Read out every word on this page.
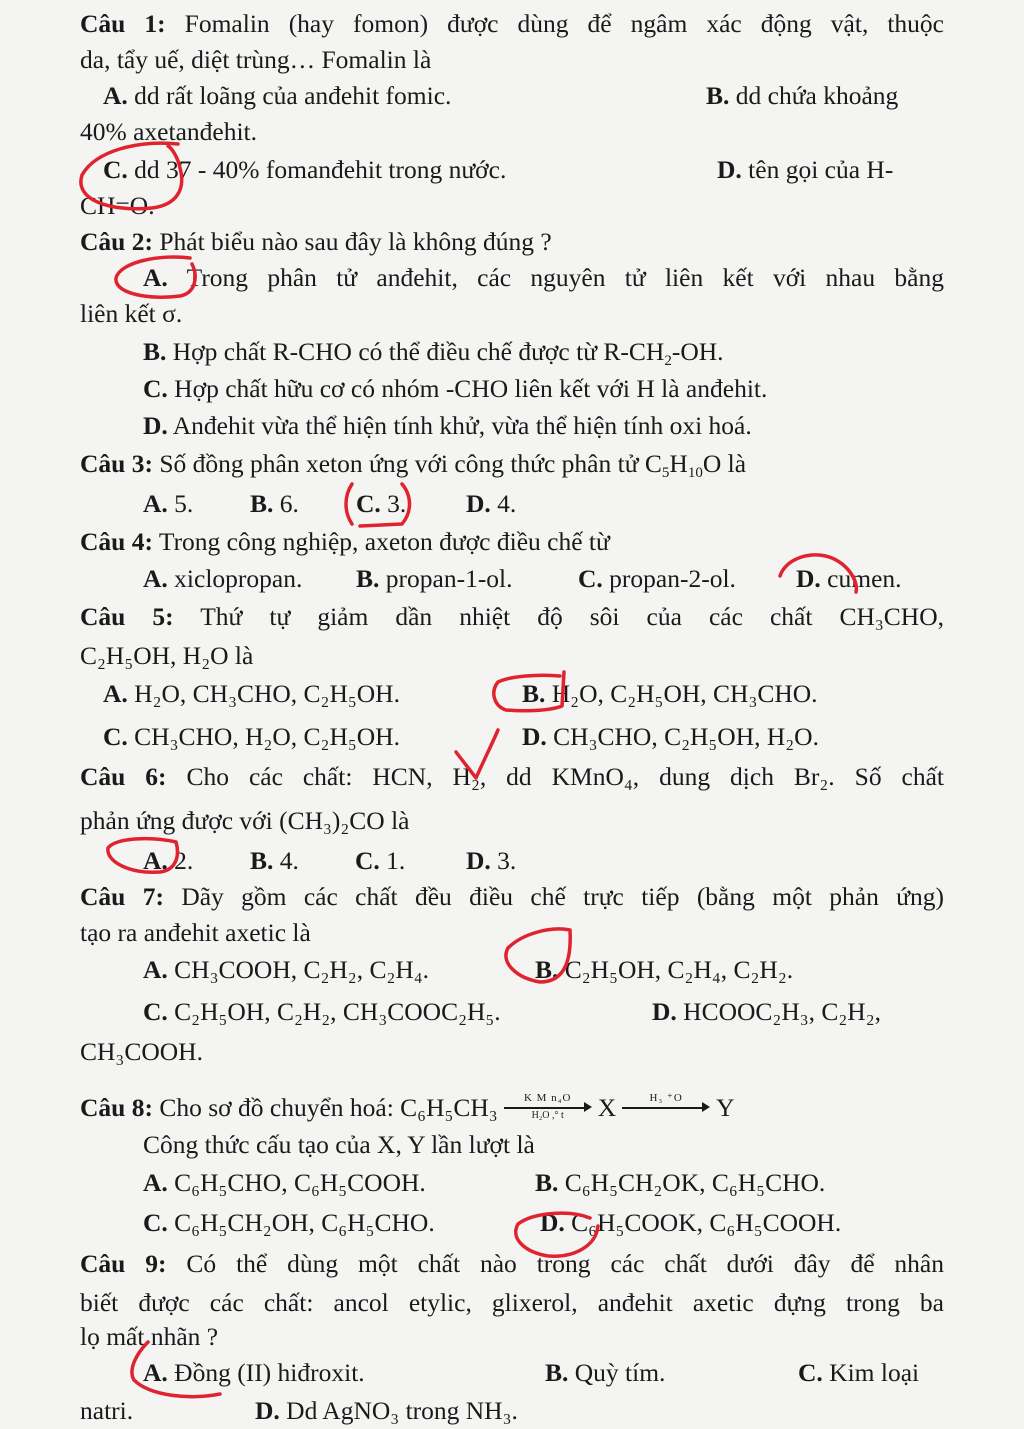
Câu 1: Fomalin (hay fomon) được dùng để ngâm xác động vật, thuộc
da, tẩy uế, diệt trùng… Fomalin là
A. dd rất loãng của anđehit fomic.	B. dd chứa khoảng
40% axetanđehit.
C. dd 37 - 40% fomanđehit trong nước.	D. tên gọi của H-
CH=O.
Câu 2: Phát biểu nào sau đây là không đúng ?
A. Trong phân tử anđehit, các nguyên tử liên kết với nhau bằng
liên kết σ.
B. Hợp chất R-CHO có thể điều chế được từ $R-CH_2-OH$.
C. Hợp chất hữu cơ có nhóm -CHO liên kết với H là anđehit.
D. Anđehit vừa thể hiện tính khử, vừa thể hiện tính oxi hoá.
Câu 3: Số đồng phân xeton ứng với công thức phân tử $C_5H_{10}O$ là
A. 5. B. 6. C. 3. D. 4.
Câu 4: Trong công nghiệp, axeton được điều chế từ
A. xiclopropan. B. propan-1-ol.	C. propan-2-ol. D. cumen.
Câu 5: Thứ tự giảm dần nhiệt độ sôi của các chất CH₃CHO,
C₂H₅OH, H₂O là
A. H₂O, CH₃CHO, C₂H₅OH.	B. H₂O, C₂H₅OH, CH₃CHO.
C. CH₃CHO, H₂O, C₂H₅OH.	D. CH₃CHO, C₂H₅OH, H₂O.
Câu 6: Cho các chất: HCN, H₂, dd KMnO₄, dung dịch Br₂. Số chất
phản ứng được với (CH₃)₂CO là
A. 2. B. 4. C. 1. D. 3.
Câu 7: Dãy gồm các chất đều điều chế trực tiếp (bằng một phản ứng)
tạo ra anđehit axetic là
A. CH₃COOH, C₂H₂, C₂H₄.	B. C₂H₅OH, C₂H₄, C₂H₂.
C. C₂H₅OH, C₂H₂, CH₃COOC₂H₅.	D. HCOOC₂H₃, C₂H₂,
CH₃COOH.
Câu 8: Cho sơ đồ chuyển hoá: $C_6H_5CH_3 \frac{\text{K M n₄O}}{\text{H₂O ,° t}}$ X	H₃ ⁺O	Y
Công thức cấu tạo của X, Y lần lượt là
A. C₆H₅CHO, C₆H₅COOH.	B. C₆H₅CH₂OK, C₆H₅CHO.
C. C₆H₅CH₂OH, C₆H₅CHO.	D. C₆H₅COOK, C₆H₅COOH.
Câu 9: Có thể dùng một chất nào trong các chất dưới đây để nhân
biết được các chất: ancol etylic, glixerol, anđehit axetic đựng trong ba
lọ mất nhãn ?
A. Đồng (II) hiđroxit.	B. Quỳ tím.	C. Kim loại
natri.	D. Dd AgNO₃ trong NH₃.
